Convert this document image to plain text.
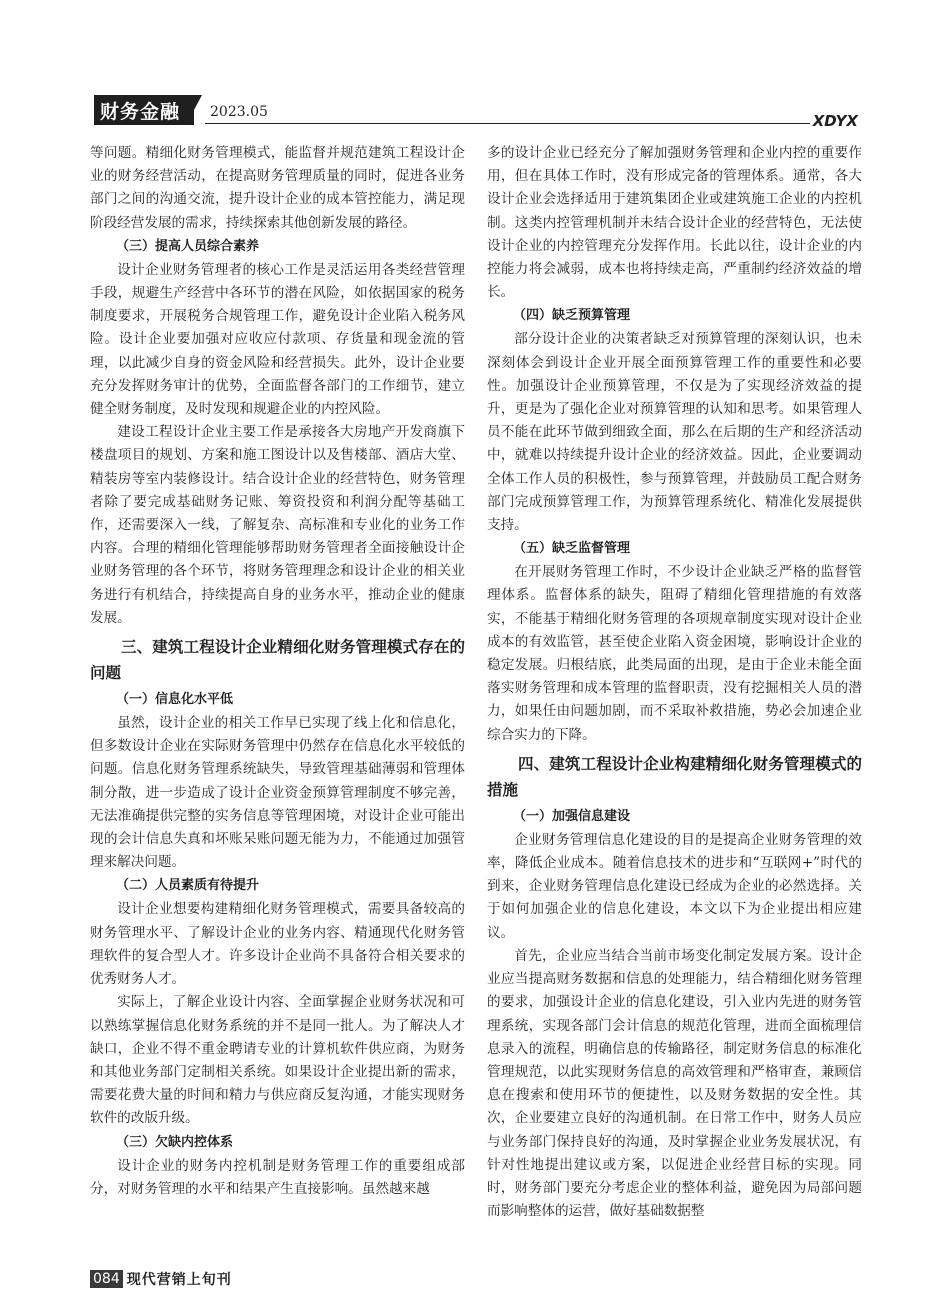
财务金融 2023.05	XDYX

等问题。精细化财务管理模式，能监督并规范建筑工程设计企业的财务经营活动，在提高财务管理质量的同时，促进各业务部门之间的沟通交流，提升设计企业的成本管控能力，满足现阶段经营发展的需求，持续探索其他创新发展的路径。

（三）提高人员综合素养

设计企业财务管理者的核心工作是灵活运用各类经营管理手段，规避生产经营中各环节的潜在风险，如依据国家的税务制度要求，开展税务合规管理工作，避免设计企业陷入税务风险。设计企业要加强对应收应付款项、存货量和现金流的管理，以此减少自身的资金风险和经营损失。此外，设计企业要充分发挥财务审计的优势，全面监督各部门的工作细节，建立健全财务制度，及时发现和规避企业的内控风险。

建设工程设计企业主要工作是承接各大房地产开发商旗下楼盘项目的规划、方案和施工图设计以及售楼部、酒店大堂、精装房等室内装修设计。结合设计企业的经营特色，财务管理者除了要完成基础财务记账、筹资投资和利润分配等基础工作，还需要深入一线，了解复杂、高标准和专业化的业务工作内容。合理的精细化管理能够帮助财务管理者全面接触设计企业财务管理的各个环节，将财务管理理念和设计企业的相关业务进行有机结合，持续提高自身的业务水平，推动企业的健康发展。

三、建筑工程设计企业精细化财务管理模式存在的问题
（一）信息化水平低

虽然，设计企业的相关工作早已实现了线上化和信息化，但多数设计企业在实际财务管理中仍然存在信息化水平较低的问题。信息化财务管理系统缺失，导致管理基础薄弱和管理体制分散，进一步造成了设计企业资金预算管理制度不够完善，无法准确提供完整的实务信息等管理困境，对设计企业可能出现的会计信息失真和坏账呆账问题无能为力，不能通过加强管理来解决问题。

（二）人员素质有待提升

设计企业想要构建精细化财务管理模式，需要具备较高的财务管理水平、了解设计企业的业务内容、精通现代化财务管理软件的复合型人才。许多设计企业尚不具备符合相关要求的优秀财务人才。

实际上，了解企业设计内容、全面掌握企业财务状况和可以熟练掌握信息化财务系统的并不是同一批人。为了解决人才缺口，企业不得不重金聘请专业的计算机软件供应商，为财务和其他业务部门定制相关系统。如果设计企业提出新的需求，需要花费大量的时间和精力与供应商反复沟通，才能实现财务软件的改版升级。

（三）欠缺内控体系

设计企业的财务内控机制是财务管理工作的重要组成部分，对财务管理的水平和结果产生直接影响。虽然越来越

多的设计企业已经充分了解加强财务管理和企业内控的重要作用，但在具体工作时，没有形成完备的管理体系。通常，各大设计企业会选择适用于建筑集团企业或建筑施工企业的内控机制。这类内控管理机制并未结合设计企业的经营特色，无法使设计企业的内控管理充分发挥作用。长此以往，设计企业的内控能力将会减弱，成本也将持续走高，严重制约经济效益的增长。

（四）缺乏预算管理

部分设计企业的决策者缺乏对预算管理的深刻认识，也未深刻体会到设计企业开展全面预算管理工作的重要性和必要性。加强设计企业预算管理，不仅是为了实现经济效益的提升，更是为了强化企业对预算管理的认知和思考。如果管理人员不能在此环节做到细致全面，那么在后期的生产和经济活动中，就难以持续提升设计企业的经济效益。因此，企业要调动全体工作人员的积极性，参与预算管理，并鼓励员工配合财务部门完成预算管理工作，为预算管理系统化、精准化发展提供支持。

（五）缺乏监督管理

在开展财务管理工作时，不少设计企业缺乏严格的监督管理体系。监督体系的缺失，阻碍了精细化管理措施的有效落实，不能基于精细化财务管理的各项规章制度实现对设计企业成本的有效监管，甚至使企业陷入资金困境，影响设计企业的稳定发展。归根结底，此类局面的出现，是由于企业未能全面落实财务管理和成本管理的监督职责，没有挖掘相关人员的潜力，如果任由问题加剧，而不采取补救措施，势必会加速企业综合实力的下降。

四、建筑工程设计企业构建精细化财务管理模式的措施
（一）加强信息建设

企业财务管理信息化建设的目的是提高企业财务管理的效率，降低企业成本。随着信息技术的进步和“互联网+”时代的到来，企业财务管理信息化建设已经成为企业的必然选择。关于如何加强企业的信息化建设，本文以下为企业提出相应建议。

首先，企业应当结合当前市场变化制定发展方案。设计企业应当提高财务数据和信息的处理能力，结合精细化财务管理的要求，加强设计企业的信息化建设，引入业内先进的财务管理系统，实现各部门会计信息的规范化管理，进而全面梳理信息录入的流程，明确信息的传输路径，制定财务信息的标准化管理规范，以此实现财务信息的高效管理和严格审查，兼顾信息在搜索和使用环节的便捷性，以及财务数据的安全性。其次，企业要建立良好的沟通机制。在日常工作中，财务人员应与业务部门保持良好的沟通，及时掌握企业业务发展状况，有针对性地提出建议或方案，以促进企业经营目标的实现。同时，财务部门要充分考虑企业的整体利益，避免因为局部问题而影响整体的运营，做好基础数据整

084 现代营销上旬刊
